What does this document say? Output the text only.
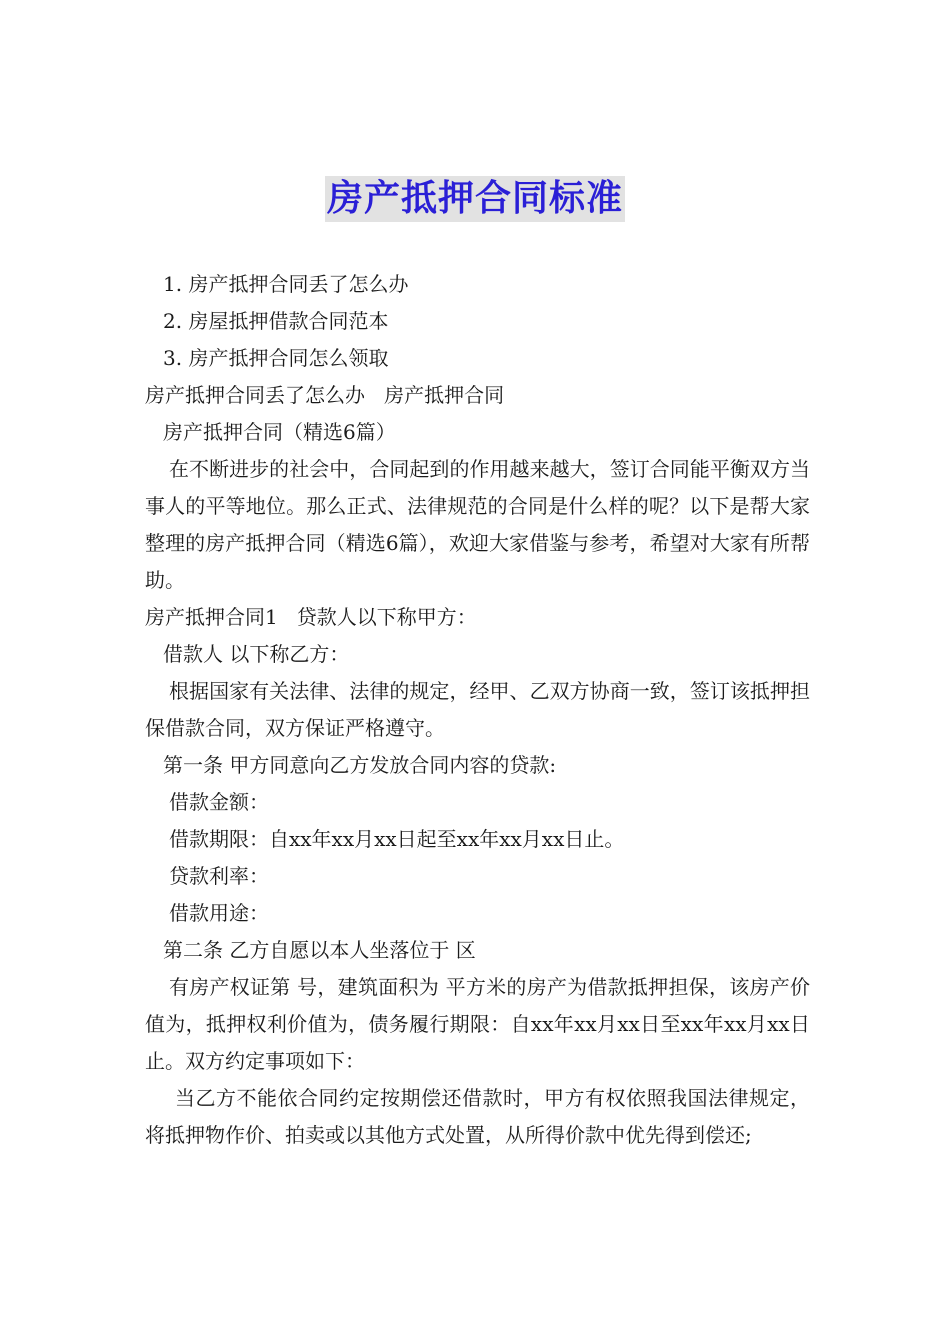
房产抵押合同标准

1. 房产抵押合同丢了怎么办

2. 房屋抵押借款合同范本

3. 房产抵押合同怎么领取

房产抵押合同丢了怎么办   房产抵押合同

房产抵押合同（精选6篇）

在不断进步的社会中，合同起到的作用越来越大，签订合同能平衡双方当事人的平等地位。那么正式、法律规范的合同是什么样的呢？以下是帮大家整理的房产抵押合同（精选6篇），欢迎大家借鉴与参考，希望对大家有所帮助。

房产抵押合同1   贷款人以下称甲方：

借款人 以下称乙方：

根据国家有关法律、法律的规定，经甲、乙双方协商一致，签订该抵押担保借款合同，双方保证严格遵守。

第一条 甲方同意向乙方发放合同内容的贷款:

借款金额：

借款期限：自xx年xx月xx日起至xx年xx月xx日止。

贷款利率：

借款用途：

第二条 乙方自愿以本人坐落位于 区

有房产权证第 号，建筑面积为 平方米的房产为借款抵押担保，该房产价值为，抵押权利价值为，债务履行期限：自xx年xx月xx日至xx年xx月xx日止。双方约定事项如下：

当乙方不能依合同约定按期偿还借款时，甲方有权依照我国法律规定，将抵押物作价、拍卖或以其他方式处置，从所得价款中优先得到偿还;
